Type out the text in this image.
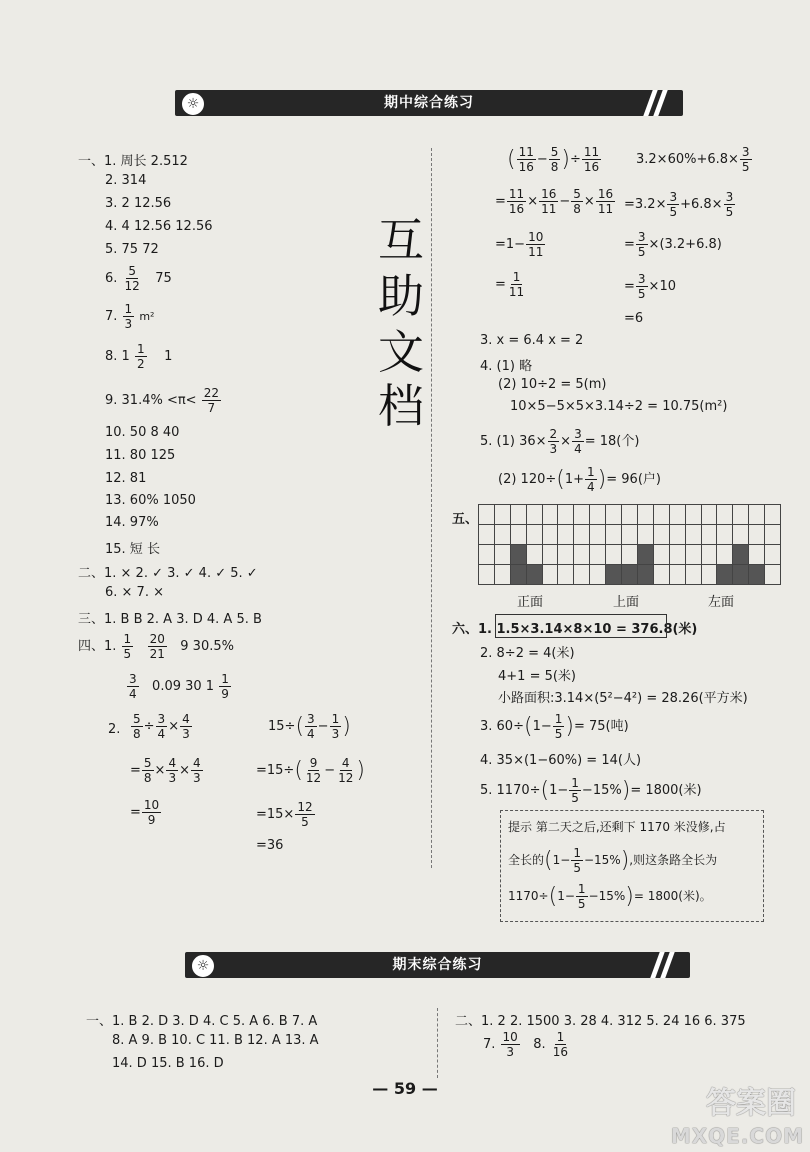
☼	期中综合练习
互
助
文
档
一、1. 周长 2.512
2. 314
3. 2 12.56
4. 4 12.56 12.56
5. 75 72
6. $\frac{5}{12} 75$
7. $\frac{1}{3} m^2$
8. $1 \frac{1}{2} 1$
9. $31.4\% <\pi< \frac{22}{7}$
10. 50 8 40
11. 80 125
12. 81
13. 60% 1050
14. 97%
15. 短 长
二、1. × 2. ✓ 3. ✓ 4. ✓ 5. ✓
6. × 7. ×
三、1. B B 2. A 3. D 4. A 5. B
四、1. $\frac{1}{5}$
$\frac{20}{21} 9$ 30.5%
$\frac{3}{4} 0.09$ 30 $1 \frac{1}{9}$
2. $\frac{5}{8} \div \frac{3}{4} \times \frac{4}{3}$
= $\frac{5}{8} \times \frac{4}{3} \times \frac{4}{3}$
= $\frac{10}{9}$
$15\div( \frac{3}{4} - \frac{1}{3}$ )
$=15\div( \frac{9}{12} - \frac{4}{12}$ )
$=15\times \frac{12}{5}$
=36
( $\frac{11}{16} - \frac{5}{8}$ )÷ $\frac{11}{16}$
= $\frac{11}{16} \times \frac{16}{11} - \frac{5}{8} \times \frac{16}{11}$
$=1- \frac{10}{11}$
= $\frac{1}{11}$
$3.2\times 60\%+6.8\times \frac{3}{5}$
$=3.2\times \frac{3}{5} +6.8\times \frac{3}{5}$
= $\frac{3}{5} \times(3.2+6.8)$
= $\frac{3}{5} \times 10$
=6
3. x = 6.4 x = 2
4. (1) 略
(2) 10÷2 = 5(m)
10×5−5×5×3.14÷2 = 10.75(m²)
5. (1) $36\times \frac{2}{3} \times \frac{3}{4} = 18$(个)
(2) $120\div(1+ \frac{1}{4}$ )= 96(户)
五、
正面	上面	左面
六、1. 1.5×3.14×8×10 = 376.8(米)
2. 8÷2 = 4(米)
4+1 = 5(米)
小路面积:3.14×(5²−4²) = 28.26(平方米)
3. $60\div(1- \frac{1}{5}$ )= 75(吨)
4. 35×(1−60%) = 14(人)
5. $1170\div(1- \frac{1}{5} -15\%)= 1800$(米)
提示 第二天之后,还剩下 1170 米没修,占
全长的$(1- \frac{1}{5} -15\%)$,则这条路全长为
$1170\div(1- \frac{1}{5} -15\%)= 1800$(米)。
☼	期末综合练习
一、1. B 2. D 3. D 4. C 5. A 6. B 7. A
8. A 9. B 10. C 11. B 12. A 13. A
14. D 15. B 16. D
二、1. 2 2. 1500 3. 28 4. 312 5. 24 16 6. 375
7. $\frac{10}{3} 8$. $\frac{1}{16}$
— 59 —	答案圈
MXQE.COM
